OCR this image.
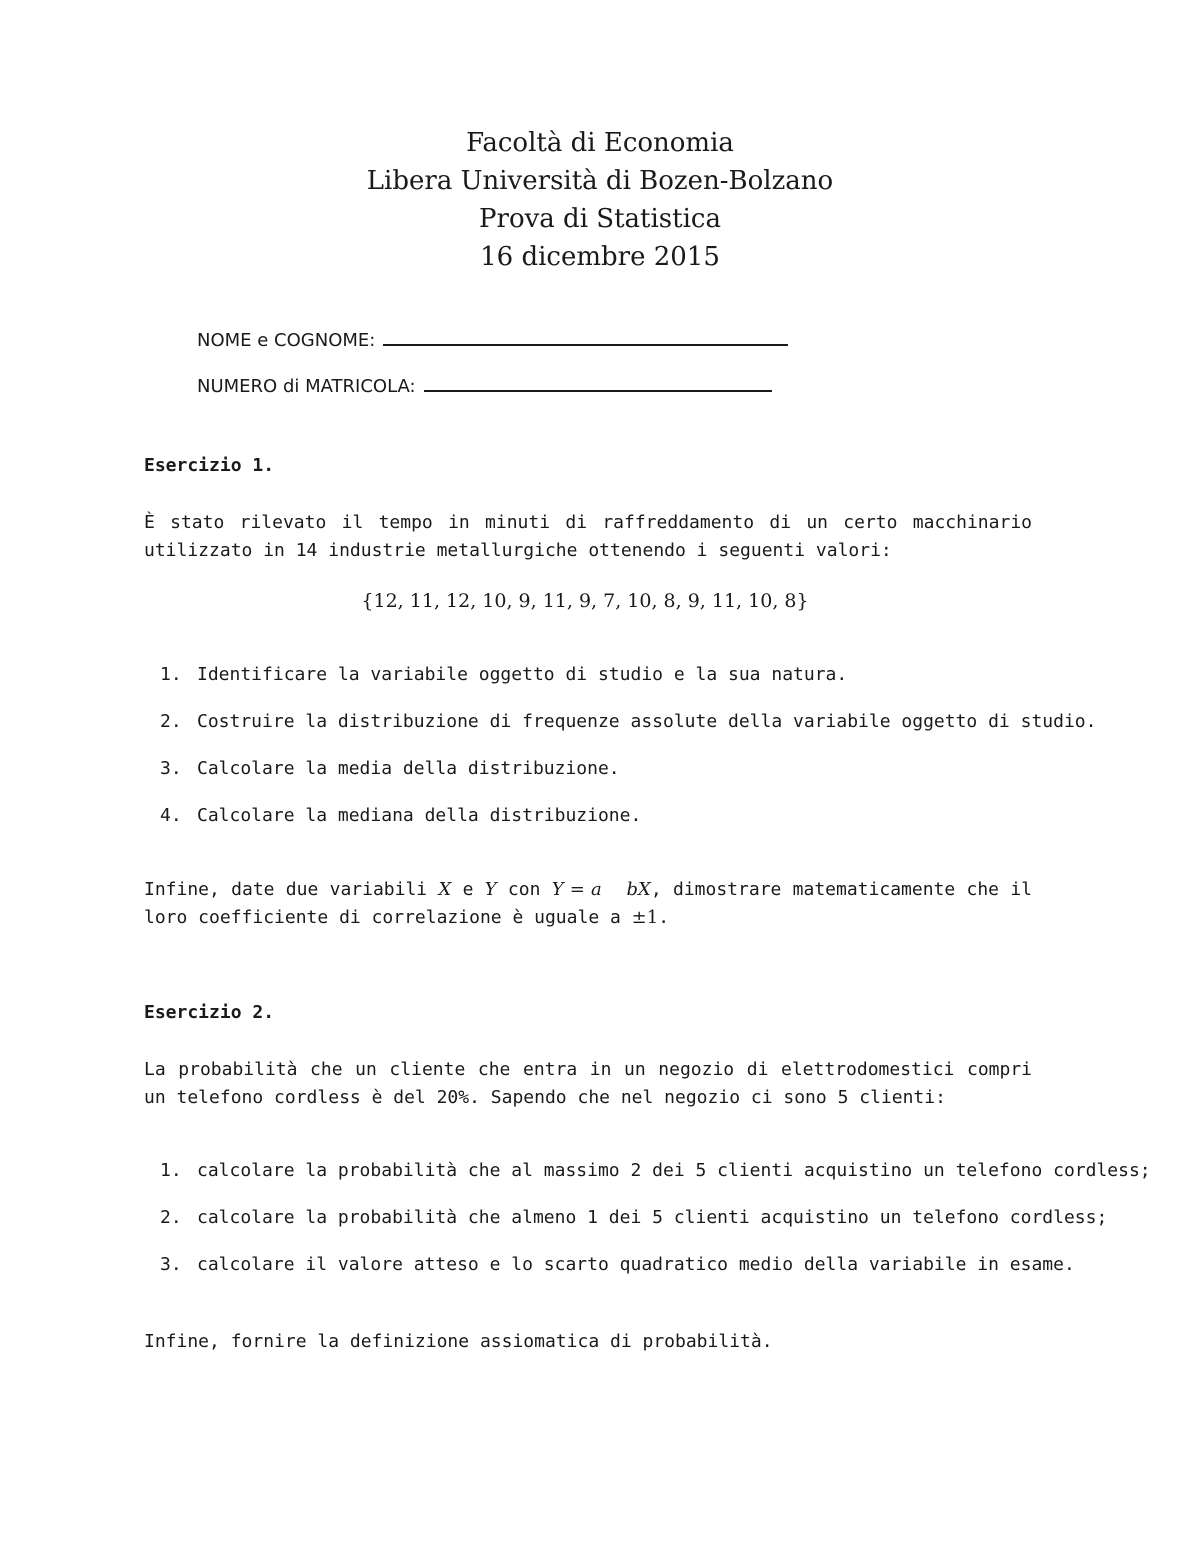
Facoltà di Economia
Libera Università di Bozen-Bolzano
Prova di Statistica
16 dicembre 2015
NOME e COGNOME:
NUMERO di MATRICOLA:
Esercizio 1.
È stato rilevato il tempo in minuti di raffreddamento di un certo macchinario utilizzato in 14 industrie metallurgiche ottenendo i seguenti valori:
{12, 11, 12, 10, 9, 11, 9, 7, 10, 8, 9, 11, 10, 8}
1. Identificare la variabile oggetto di studio e la sua natura.
2. Costruire la distribuzione di frequenze assolute della variabile oggetto di studio.
3. Calcolare la media della distribuzione.
4. Calcolare la mediana della distribuzione.
Infine, date due variabili X e Y con Y = a    bX, dimostrare matematicamente che il loro coefficiente di correlazione è uguale a ±1.
Esercizio 2.
La probabilità che un cliente che entra in un negozio di elettrodomestici compri un telefono cordless è del 20%. Sapendo che nel negozio ci sono 5 clienti:
1. calcolare la probabilità che al massimo 2 dei 5 clienti acquistino un telefono cordless;
2. calcolare la probabilità che almeno 1 dei 5 clienti acquistino un telefono cordless;
3. calcolare il valore atteso e lo scarto quadratico medio della variabile in esame.
Infine, fornire la definizione assiomatica di probabilità.
